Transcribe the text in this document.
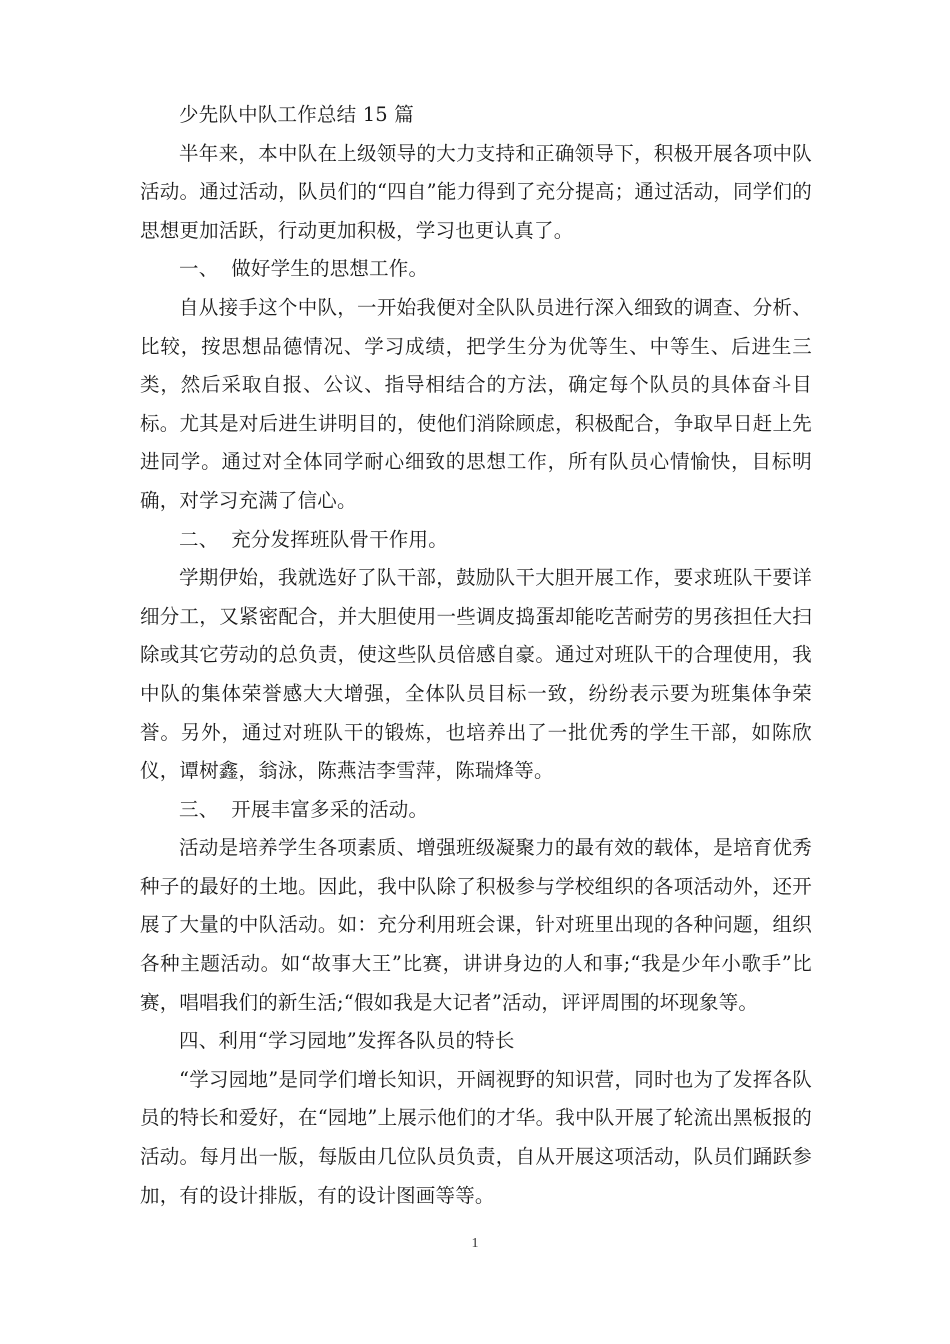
少先队中队工作总结 15 篇

半年来，本中队在上级领导的大力支持和正确领导下，积极开展各项中队活动。通过活动，队员们的“四自”能力得到了充分提高；通过活动，同学们的思想更加活跃，行动更加积极，学习也更认真了。

一、  做好学生的思想工作。

自从接手这个中队，一开始我便对全队队员进行深入细致的调查、分析、比较，按思想品德情况、学习成绩，把学生分为优等生、中等生、后进生三类，然后采取自报、公议、指导相结合的方法，确定每个队员的具体奋斗目标。尤其是对后进生讲明目的，使他们消除顾虑，积极配合，争取早日赶上先进同学。通过对全体同学耐心细致的思想工作，所有队员心情愉快，目标明确，对学习充满了信心。

二、  充分发挥班队骨干作用。

学期伊始，我就选好了队干部，鼓励队干大胆开展工作，要求班队干要详细分工，又紧密配合，并大胆使用一些调皮捣蛋却能吃苦耐劳的男孩担任大扫除或其它劳动的总负责，使这些队员倍感自豪。通过对班队干的合理使用，我中队的集体荣誉感大大增强，全体队员目标一致，纷纷表示要为班集体争荣誉。另外，通过对班队干的锻炼，也培养出了一批优秀的学生干部，如陈欣仪，谭树鑫，翁泳，陈燕洁李雪萍，陈瑞烽等。

三、  开展丰富多采的活动。

活动是培养学生各项素质、增强班级凝聚力的最有效的载体，是培育优秀种子的最好的土地。因此，我中队除了积极参与学校组织的各项活动外，还开展了大量的中队活动。如：充分利用班会课，针对班里出现的各种问题，组织各种主题活动。如“故事大王”比赛，讲讲身边的人和事;“我是少年小歌手”比赛，唱唱我们的新生活;“假如我是大记者”活动，评评周围的坏现象等。

四、利用“学习园地”发挥各队员的特长

“学习园地”是同学们增长知识，开阔视野的知识营，同时也为了发挥各队员的特长和爱好，在“园地”上展示他们的才华。我中队开展了轮流出黑板报的活动。每月出一版，每版由几位队员负责，自从开展这项活动，队员们踊跃参加，有的设计排版，有的设计图画等等。

1
